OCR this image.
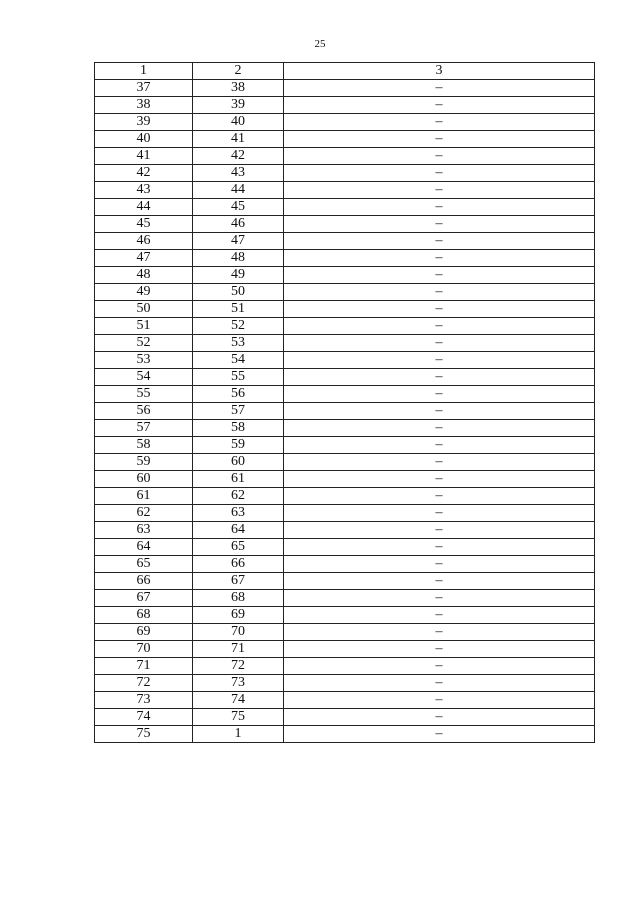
25
1	2	3
37	38	–
38	39	–
39	40	–
40	41	–
41	42	–
42	43	–
43	44	–
44	45	–
45	46	–
46	47	–
47	48	–
48	49	–
49	50	–
50	51	–
51	52	–
52	53	–
53	54	–
54	55	–
55	56	–
56	57	–
57	58	–
58	59	–
59	60	–
60	61	–
61	62	–
62	63	–
63	64	–
64	65	–
65	66	–
66	67	–
67	68	–
68	69	–
69	70	–
70	71	–
71	72	–
72	73	–
73	74	–
74	75	–
75	1	–
